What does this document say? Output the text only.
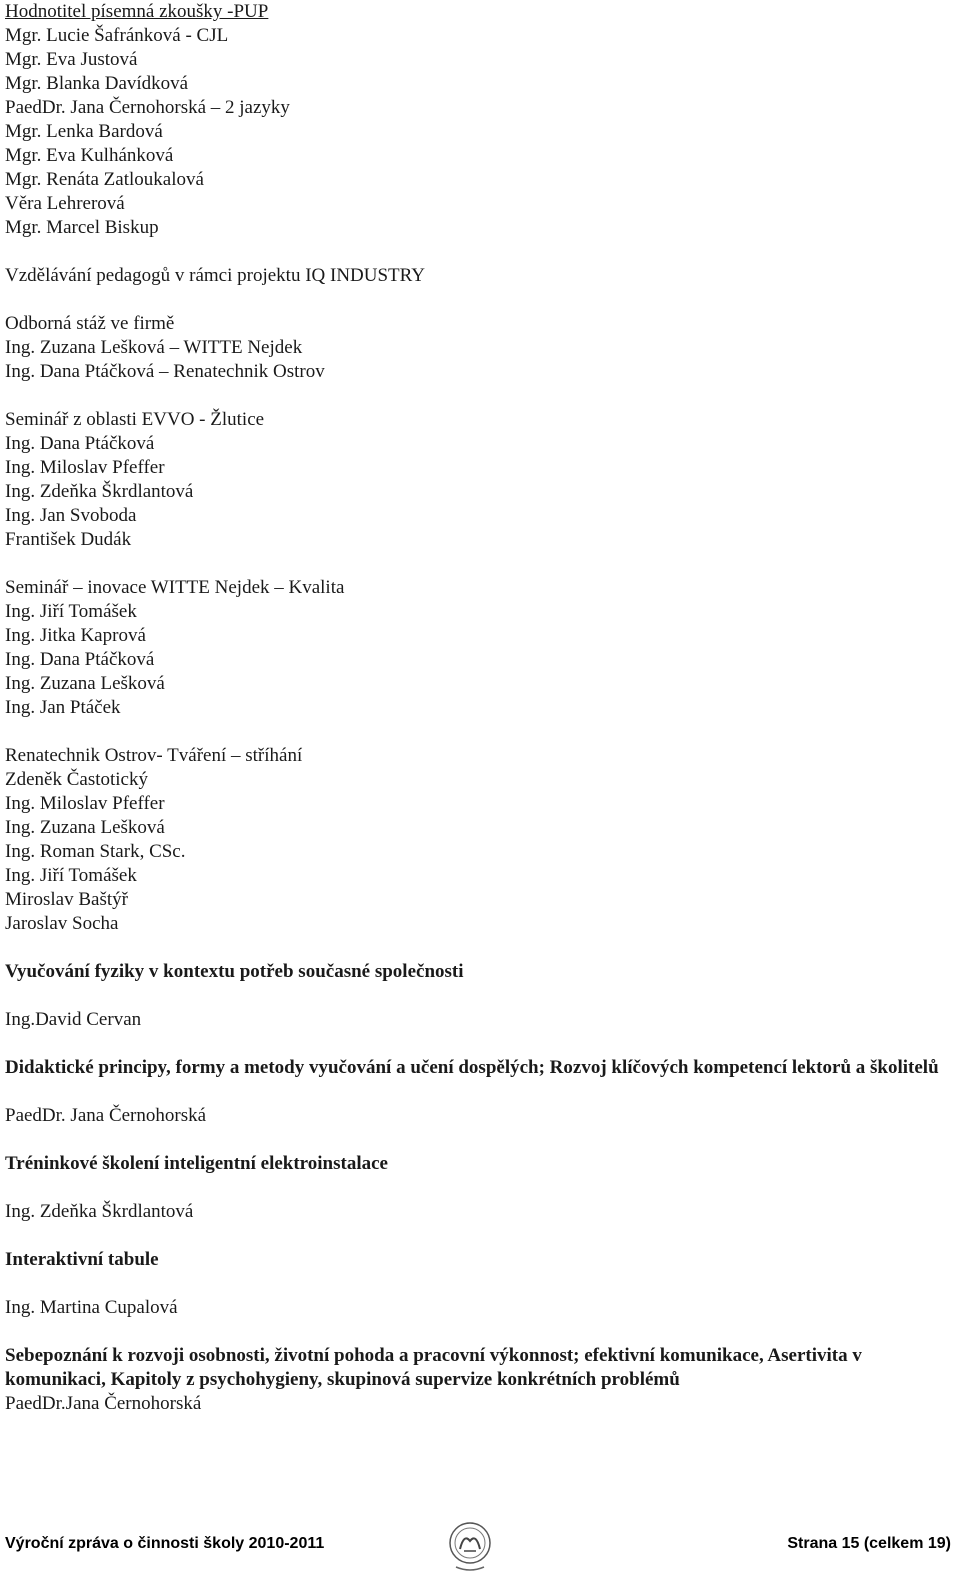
Hodnotitel písemná zkoušky -PUP
Mgr. Lucie Šafránková - CJL
Mgr. Eva Justová
Mgr. Blanka Davídková
PaedDr. Jana Černohorská – 2 jazyky
Mgr. Lenka Bardová
Mgr. Eva Kulhánková
Mgr. Renáta Zatloukalová
Věra Lehrerová
Mgr. Marcel Biskup
Vzdělávání pedagogů v rámci projektu IQ INDUSTRY
Odborná stáž ve firmě
Ing. Zuzana Lešková – WITTE Nejdek
Ing. Dana Ptáčková – Renatechnik Ostrov
Seminář z oblasti EVVO - Žlutice
Ing. Dana Ptáčková
Ing. Miloslav Pfeffer
Ing. Zdeňka Škrdlantová
Ing. Jan Svoboda
František Dudák
Seminář – inovace WITTE Nejdek – Kvalita
Ing. Jiří Tomášek
Ing. Jitka Kaprová
Ing. Dana Ptáčková
Ing. Zuzana Lešková
Ing. Jan Ptáček
Renatechnik Ostrov- Tváření – stříhání
Zdeněk Častotický
Ing. Miloslav Pfeffer
Ing. Zuzana Lešková
Ing. Roman Stark, CSc.
Ing. Jiří Tomášek
Miroslav Baštýř
Jaroslav Socha
Vyučování fyziky v kontextu potřeb současné společnosti
Ing.David Cervan
Didaktické principy, formy a metody vyučování a učení dospělých; Rozvoj klíčových kompetencí lektorů a školitelů
PaedDr. Jana Černohorská
Tréninkové školení inteligentní elektroinstalace
Ing. Zdeňka Škrdlantová
Interaktivní tabule
Ing. Martina Cupalová
Sebepoznání k rozvoji osobnosti, životní pohoda a pracovní výkonnost; efektivní komunikace, Asertivita v komunikaci, Kapitoly z psychohygieny, skupinová supervize konkrétních problémů
PaedDr.Jana Černohorská
Výroční zpráva o činnosti školy 2010-2011	Strana 15 (celkem 19)
